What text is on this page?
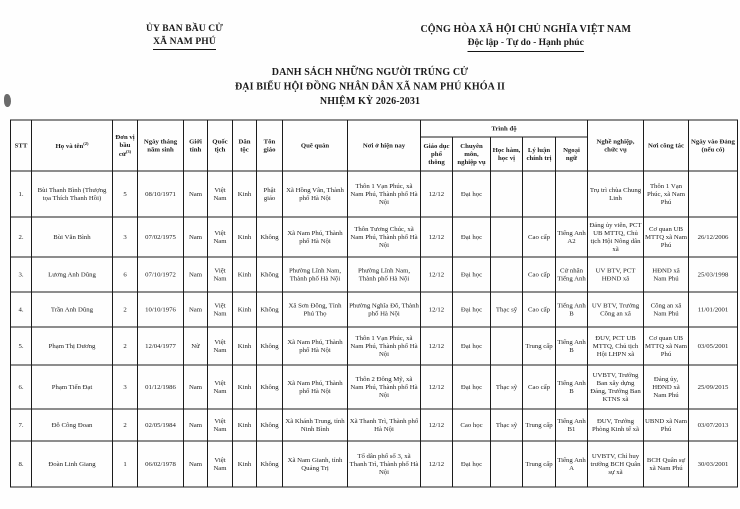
ỦY BAN BẦU CỬ
XÃ NAM PHÚ
CỘNG HÒA XÃ HỘI CHỦ NGHĨA VIỆT NAM
Độc lập - Tự do - Hạnh phúc
DANH SÁCH NHỮNG NGƯỜI TRÚNG CỬ
ĐẠI BIỂU HỘI ĐỒNG NHÂN DÂN XÃ NAM PHÚ KHÓA II
NHIỆM KỲ 2026-2031
STT	Họ và tên$^{(2)}$	Đơn vị bầu cử$^{(3)}$	Ngày tháng năm sinh	Giới tính	Quốc tịch	Dân tộc	Tôn giáo	Quê quán	Nơi ở hiện nay	Trình độ					Nghề nghiệp, chức vụ	Nơi công tác	Ngày vào Đảng (nếu có)
										Giáo dục phổ thông	Chuyên môn, nghiệp vụ	Học hàm, học vị	Lý luận chính trị	Ngoại ngữ			
1.	Bùi Thanh Bình (Thượng tọa Thích Thanh Hồi)	5	08/10/1971	Nam	Việt Nam	Kinh	Phật giáo	Xã Hồng Vân, Thành phố Hà Nội	Thôn 1 Vạn Phúc, xã Nam Phú, Thành phố Hà Nội	12/12	Đại học				Trụ trì chùa Chung Linh	Thôn 1 Vạn Phúc, xã Nam Phú	
2.	Bùi Văn Bình	3	07/02/1975	Nam	Việt Nam	Kinh	Không	Xã Nam Phú, Thành phố Hà Nội	Thôn Tương Chúc, xã Nam Phú, Thành phố Hà Nội	12/12	Đại học		Cao cấp	Tiếng Anh A2	Đảng ủy viên, PCT UB MTTQ, Chủ tịch Hội Nông dân xã	Cơ quan UB MTTQ xã Nam Phú	26/12/2006
3.	Lương Anh Dũng	6	07/10/1972	Nam	Việt Nam	Kinh	Không	Phường Lĩnh Nam, Thành phố Hà Nội	Phường Lĩnh Nam, Thành phố Hà Nội	12/12	Đại học		Cao cấp	Cử nhân Tiếng Anh	UV BTV, PCT HĐND xã	HĐND xã Nam Phú	25/03/1998
4.	Trần Anh Dũng	2	10/10/1976	Nam	Việt Nam	Kinh	Không	Xã Sơn Đông, Tỉnh Phú Thọ	Phường Nghĩa Đô, Thành phố Hà Nội	12/12	Đại học	Thạc sỹ	Cao cấp	Tiếng Anh B	UV BTV, Trưởng Công an xã	Công an xã Nam Phú	11/01/2001
5.	Phạm Thị Dương	2	12/04/1977	Nữ	Việt Nam	Kinh	Không	Xã Nam Phú, Thành phố Hà Nội	Thôn 1 Vạn Phúc, xã Nam Phú, Thành phố Hà Nội	12/12	Đại học		Trung cấp	Tiếng Anh B	ĐUV, PCT UB MTTQ, Chủ tịch Hội LHPN xã	Cơ quan UB MTTQ xã Nam Phú	03/05/2001
6.	Phạm Tiến Đạt	3	01/12/1986	Nam	Việt Nam	Kinh	Không	Xã Nam Phú, Thành phố Hà Nội	Thôn 2 Đông Mỹ, xã Nam Phú, Thành phố Hà Nội	12/12	Đại học	Thạc sỹ	Cao cấp	Tiếng Anh B	UVBTV, Trưởng Ban xây dựng Đảng, Trưởng Ban KTNS xã	Đảng ủy, HĐND xã Nam Phú	25/09/2015
7.	Đỗ Công Đoan	2	02/05/1984	Nam	Việt Nam	Kinh	Không	Xã Khánh Trung, tỉnh Ninh Bình	Xã Thanh Trì, Thành phố Hà Nội	12/12	Cao học	Thạc sỹ	Trung cấp	Tiếng Anh B1	ĐUV, Trưởng Phòng Kinh tế xã	UBND xã Nam Phú	03/07/2013
8.	Đoàn Linh Giang	1	06/02/1978	Nam	Việt Nam	Kinh	Không	Xã Nam Gianh, tỉnh Quảng Trị	Tổ dân phố số 3, xã Thanh Trì, Thành phố Hà Nội	12/12	Đại học		Trung cấp	Tiếng Anh A	UVBTV, Chỉ huy trưởng BCH Quân sự xã	BCH Quân sự xã Nam Phú	30/03/2001
